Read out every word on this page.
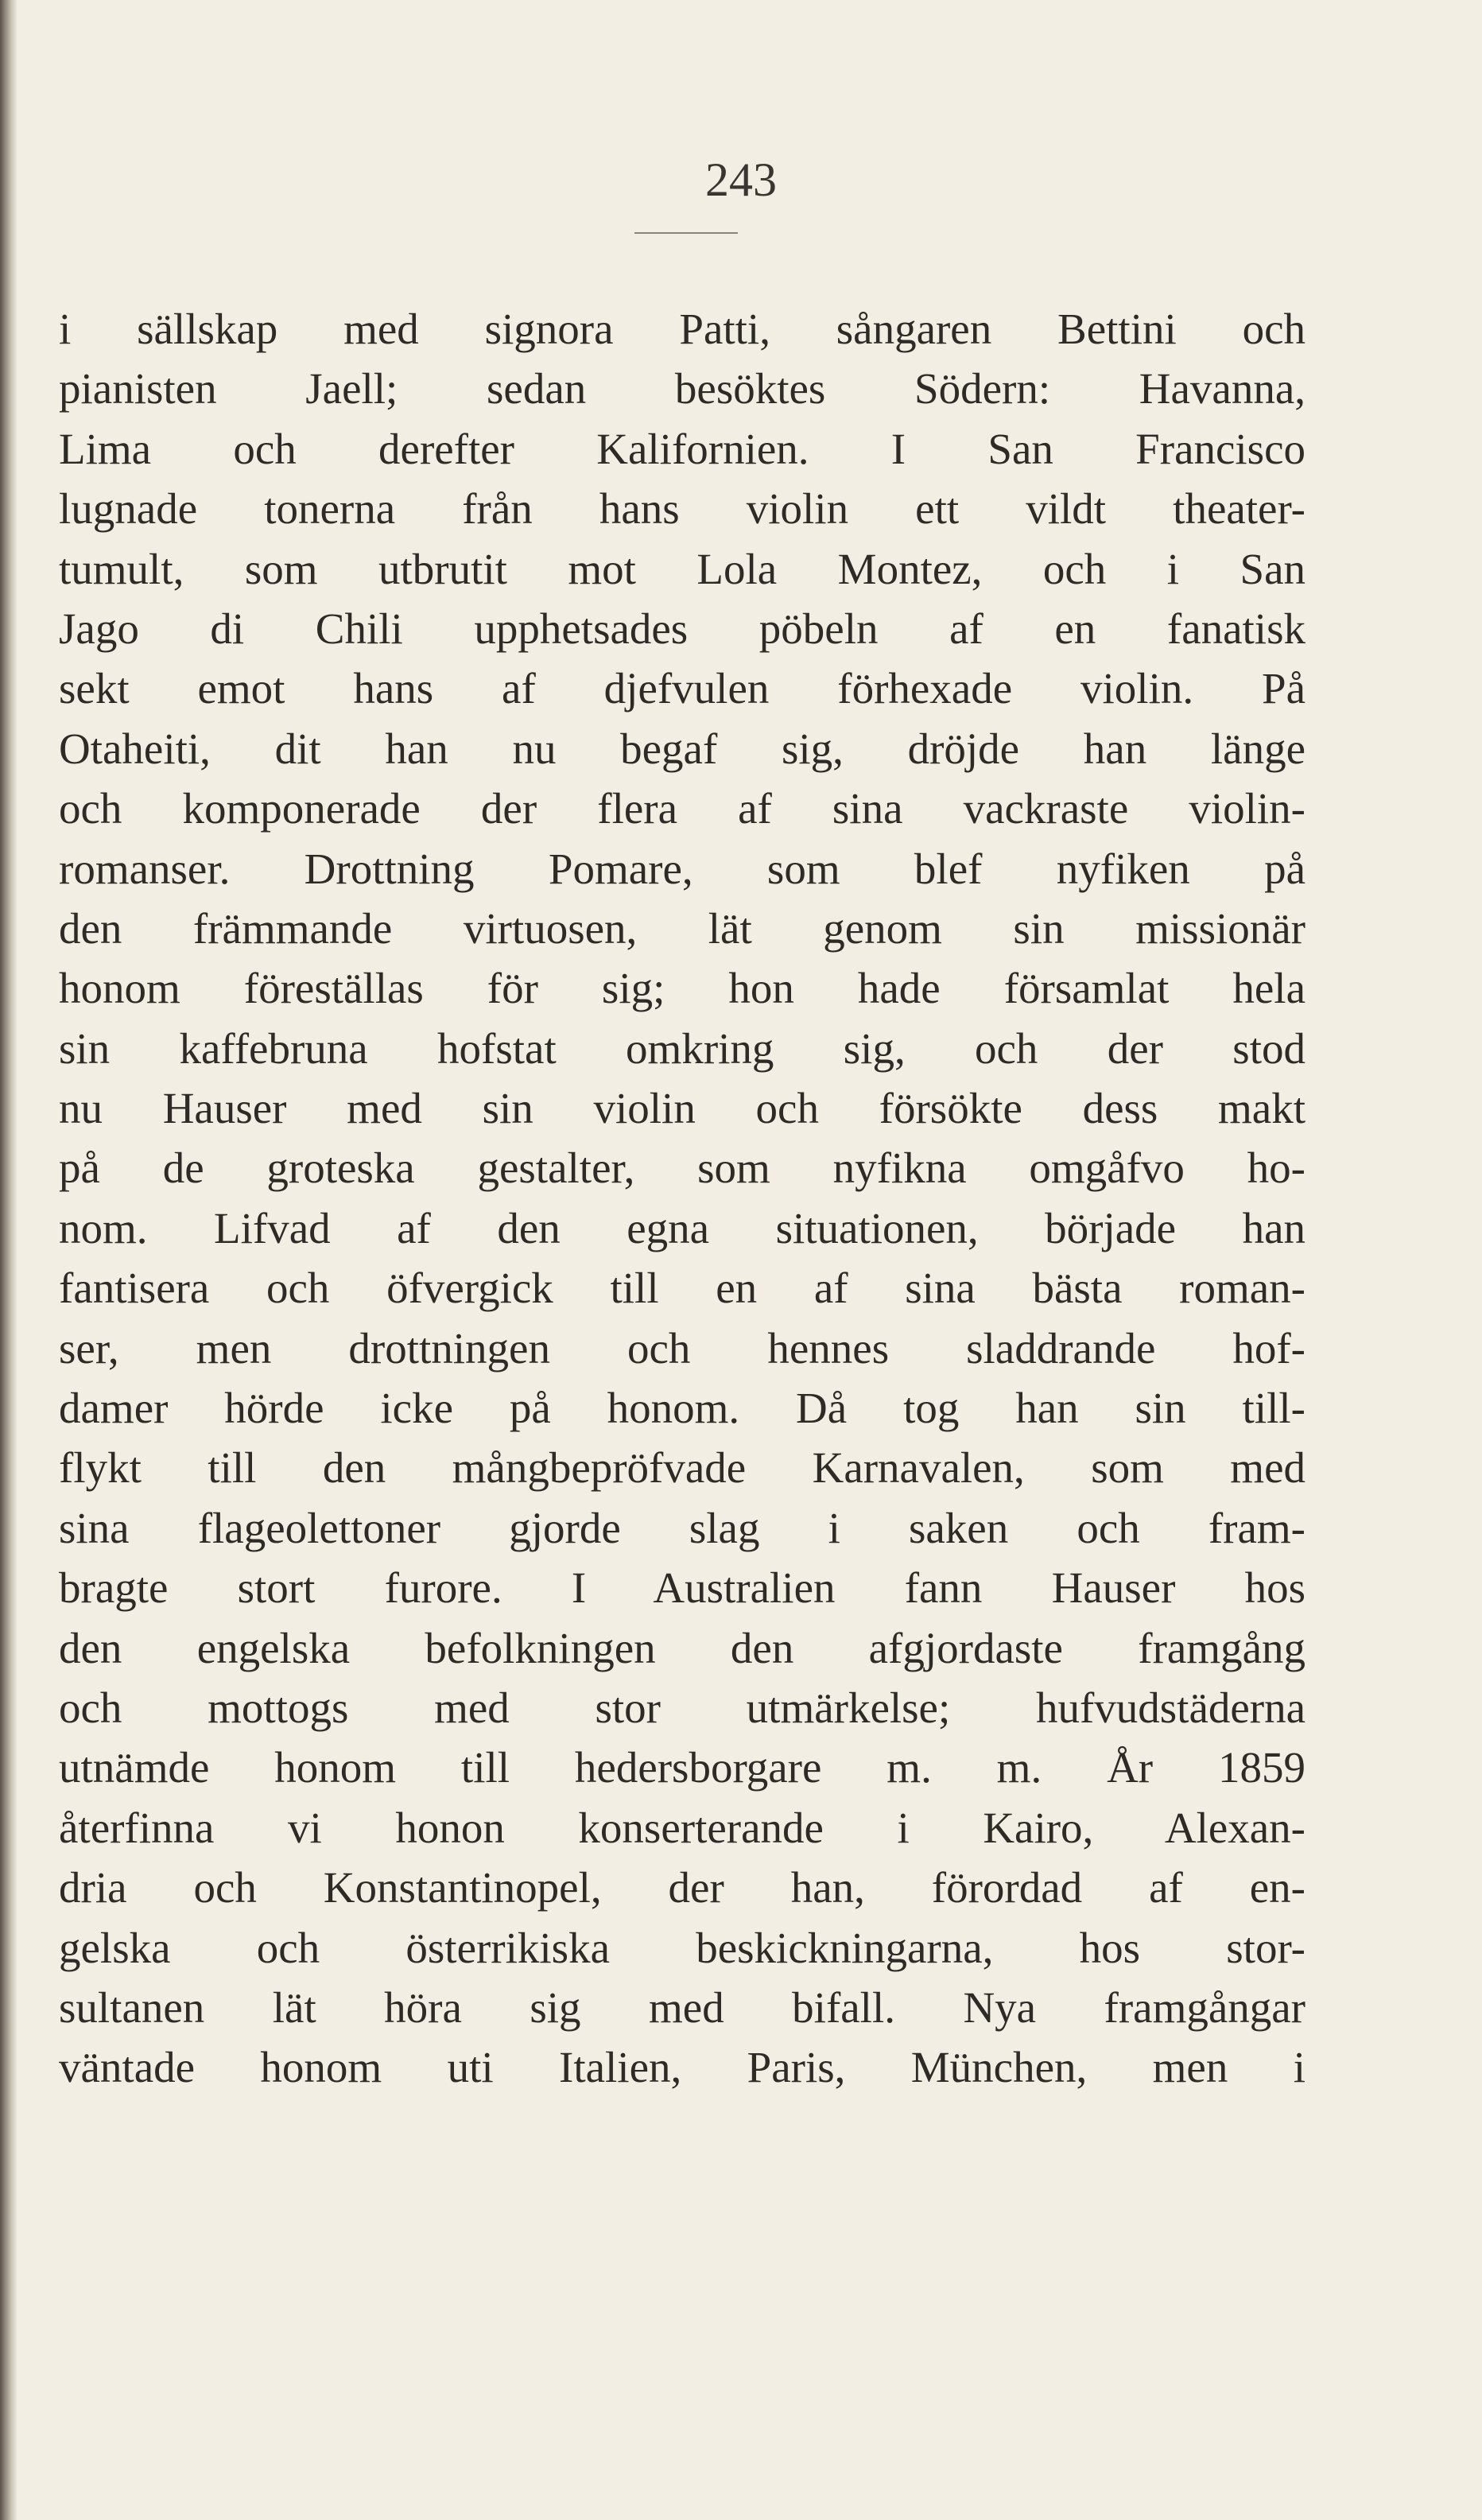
243
i sällskap med signora Patti, sångaren Bettini och
pianisten Jaell; sedan besöktes Södern: Havanna,
Lima och derefter Kalifornien. I San Francisco
lugnade tonerna från hans violin ett vildt theater-
tumult, som utbrutit mot Lola Montez, och i San
Jago di Chili upphetsades pöbeln af en fanatisk
sekt emot hans af djefvulen förhexade violin. På
Otaheiti, dit han nu begaf sig, dröjde han länge
och komponerade der flera af sina vackraste violin-
romanser. Drottning Pomare, som blef nyfiken på
den främmande virtuosen, lät genom sin missionär
honom föreställas för sig; hon hade församlat hela
sin kaffebruna hofstat omkring sig, och der stod
nu Hauser med sin violin och försökte dess makt
på de groteska gestalter, som nyfikna omgåfvo ho-
nom. Lifvad af den egna situationen, började han
fantisera och öfvergick till en af sina bästa roman-
ser, men drottningen och hennes sladdrande hof-
damer hörde icke på honom. Då tog han sin till-
flykt till den mångbepröfvade Karnavalen, som med
sina flageolettoner gjorde slag i saken och fram-
bragte stort furore. I Australien fann Hauser hos
den engelska befolkningen den afgjordaste framgång
och mottogs med stor utmärkelse; hufvudstäderna
utnämde honom till hedersborgare m. m. År 1859
återfinna vi honon konserterande i Kairo, Alexan-
dria och Konstantinopel, der han, förordad af en-
gelska och österrikiska beskickningarna, hos stor-
sultanen lät höra sig med bifall. Nya framgångar
väntade honom uti Italien, Paris, München, men i
